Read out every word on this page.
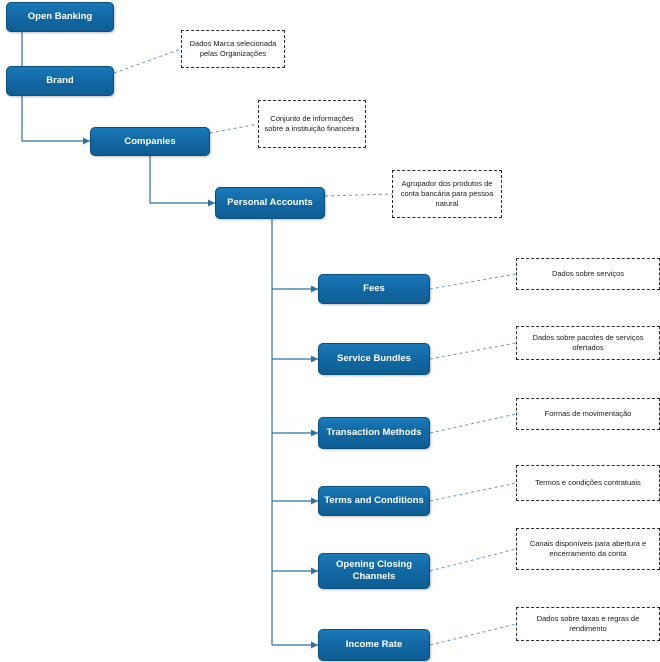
Open Banking
Brand
Companies
Personal Accounts
Fees
Service Bundles
Transaction Methods
Terms and Conditions
Opening Closing Channels
Income Rate
Dados Marca selecionada pelas Organizações
Conjunto de informações sobre a instituição financeira
Agrupador dos produtos de conta bancária para pessoa natural
Dados sobre serviços
Dados sobre pacotes de serviços ofertados
Formas de movimentação
Termos e condições contratuais
Canais disponíveis para abertura e encerramento da conta
Dados sobre taxas e regras de rendimento
